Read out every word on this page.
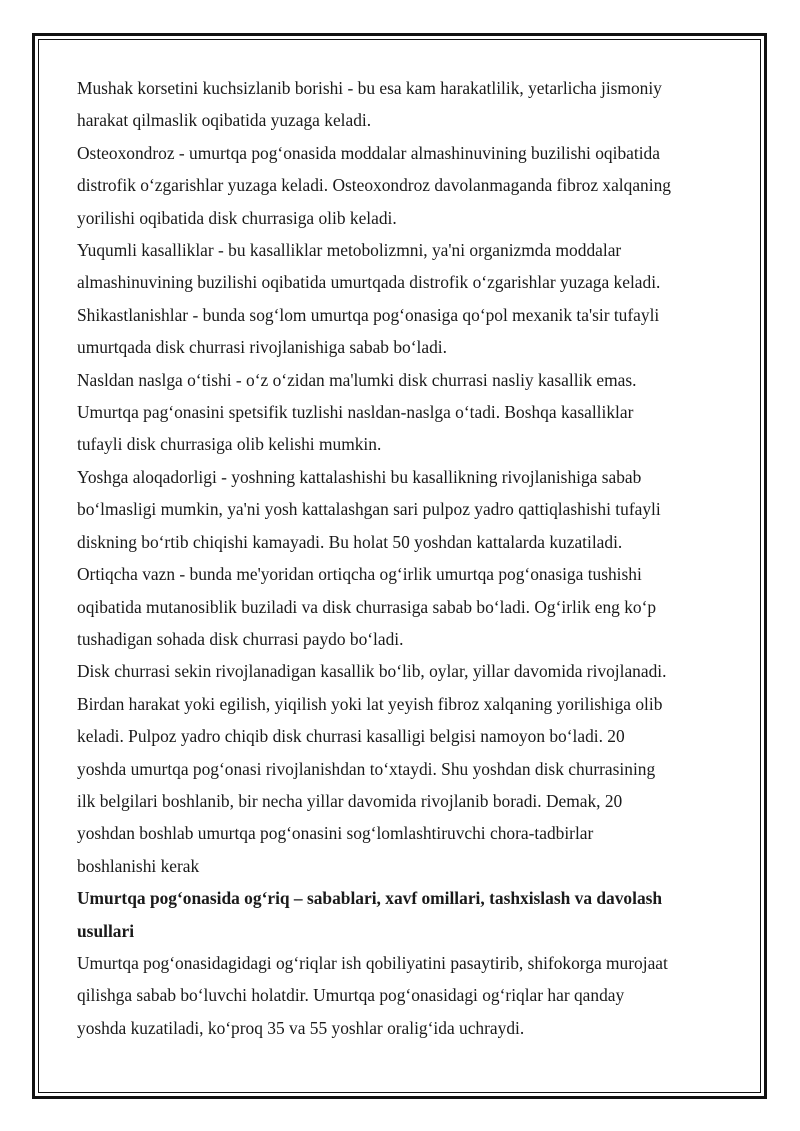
Mushak korsetini kuchsizlanib borishi - bu esa kam harakatlilik, yetarlicha jismoniy
harakat qilmaslik oqibatida yuzaga keladi.

Osteoxondroz - umurtqa pog‘onasida moddalar almashinuvining buzilishi oqibatida
distrofik o‘zgarishlar yuzaga keladi. Osteoxondroz davolanmaganda fibroz xalqaning
yorilishi oqibatida disk churrasiga olib keladi.

Yuqumli kasalliklar - bu kasalliklar metobolizmni, ya'ni organizmda moddalar
almashinuvining buzilishi oqibatida umurtqada distrofik o‘zgarishlar yuzaga keladi.

Shikastlanishlar - bunda sog‘lom umurtqa pog‘onasiga qo‘pol mexanik ta'sir tufayli
umurtqada disk churrasi rivojlanishiga sabab bo‘ladi.

Nasldan naslga o‘tishi - o‘z o‘zidan ma'lumki disk churrasi nasliy kasallik emas.
Umurtqa pag‘onasini spetsifik tuzlishi nasldan-naslga o‘tadi. Boshqa kasalliklar
tufayli disk churrasiga olib kelishi mumkin.

Yoshga aloqadorligi - yoshning kattalashishi bu kasallikning rivojlanishiga sabab
bo‘lmasligi mumkin, ya'ni yosh kattalashgan sari pulpoz yadro qattiqlashishi tufayli
diskning bo‘rtib chiqishi kamayadi. Bu holat 50 yoshdan kattalarda kuzatiladi.

Ortiqcha vazn - bunda me'yoridan ortiqcha og‘irlik umurtqa pog‘onasiga tushishi
oqibatida mutanosiblik buziladi va disk churrasiga sabab bo‘ladi. Og‘irlik eng ko‘p
tushadigan sohada disk churrasi paydo bo‘ladi.

Disk churrasi sekin rivojlanadigan kasallik bo‘lib, oylar, yillar davomida rivojlanadi.
Birdan harakat yoki egilish, yiqilish yoki lat yeyish fibroz xalqaning yorilishiga olib
keladi. Pulpoz yadro chiqib disk churrasi kasalligi belgisi namoyon bo‘ladi. 20
yoshda umurtqa pog‘onasi rivojlanishdan to‘xtaydi. Shu yoshdan disk churrasining
ilk belgilari boshlanib, bir necha yillar davomida rivojlanib boradi. Demak, 20
yoshdan boshlab umurtqa pog‘onasini sog‘lomlashtiruvchi chora-tadbirlar
boshlanishi kerak

Umurtqa pog‘onasida og‘riq – sabablari, xavf omillari, tashxislash va davolash
usullari

Umurtqa pog‘onasidagidagi og‘riqlar ish qobiliyatini pasaytirib, shifokorga murojaat
qilishga sabab bo‘luvchi holatdir. Umurtqa pog‘onasidagi og‘riqlar har qanday
yoshda kuzatiladi, ko‘proq 35 va 55 yoshlar oralig‘ida uchraydi.
